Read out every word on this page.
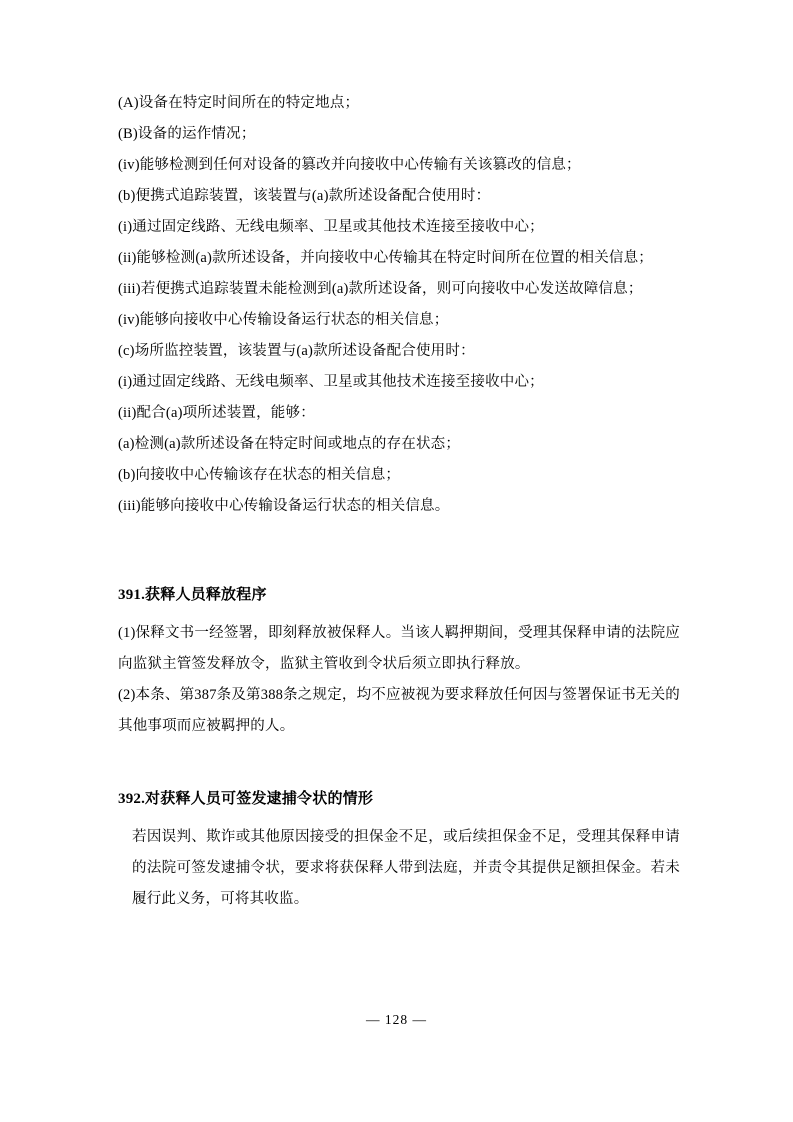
(A)设备在特定时间所在的特定地点；

(B)设备的运作情况；

(iv)能够检测到任何对设备的篡改并向接收中心传输有关该篡改的信息；

(b)便携式追踪装置，该装置与(a)款所述设备配合使用时：

(i)通过固定线路、无线电频率、卫星或其他技术连接至接收中心；

(ii)能够检测(a)款所述设备，并向接收中心传输其在特定时间所在位置的相关信息；

(iii)若便携式追踪装置未能检测到(a)款所述设备，则可向接收中心发送故障信息；

(iv)能够向接收中心传输设备运行状态的相关信息；

(c)场所监控装置，该装置与(a)款所述设备配合使用时：

(i)通过固定线路、无线电频率、卫星或其他技术连接至接收中心；

(ii)配合(a)项所述装置，能够：

(a)检测(a)款所述设备在特定时间或地点的存在状态；

(b)向接收中心传输该存在状态的相关信息；

(iii)能够向接收中心传输设备运行状态的相关信息。

391.获释人员释放程序

(1)保释文书一经签署，即刻释放被保释人。当该人羁押期间，受理其保释申请的法院应向监狱主管签发释放令，监狱主管收到令状后须立即执行释放。

(2)本条、第387条及第388条之规定，均不应被视为要求释放任何因与签署保证书无关的其他事项而应被羁押的人。

392.对获释人员可签发逮捕令状的情形

若因误判、欺诈或其他原因接受的担保金不足，或后续担保金不足，受理其保释申请的法院可签发逮捕令状，要求将获保释人带到法庭，并责令其提供足额担保金。若未履行此义务，可将其收监。

— 128 —
